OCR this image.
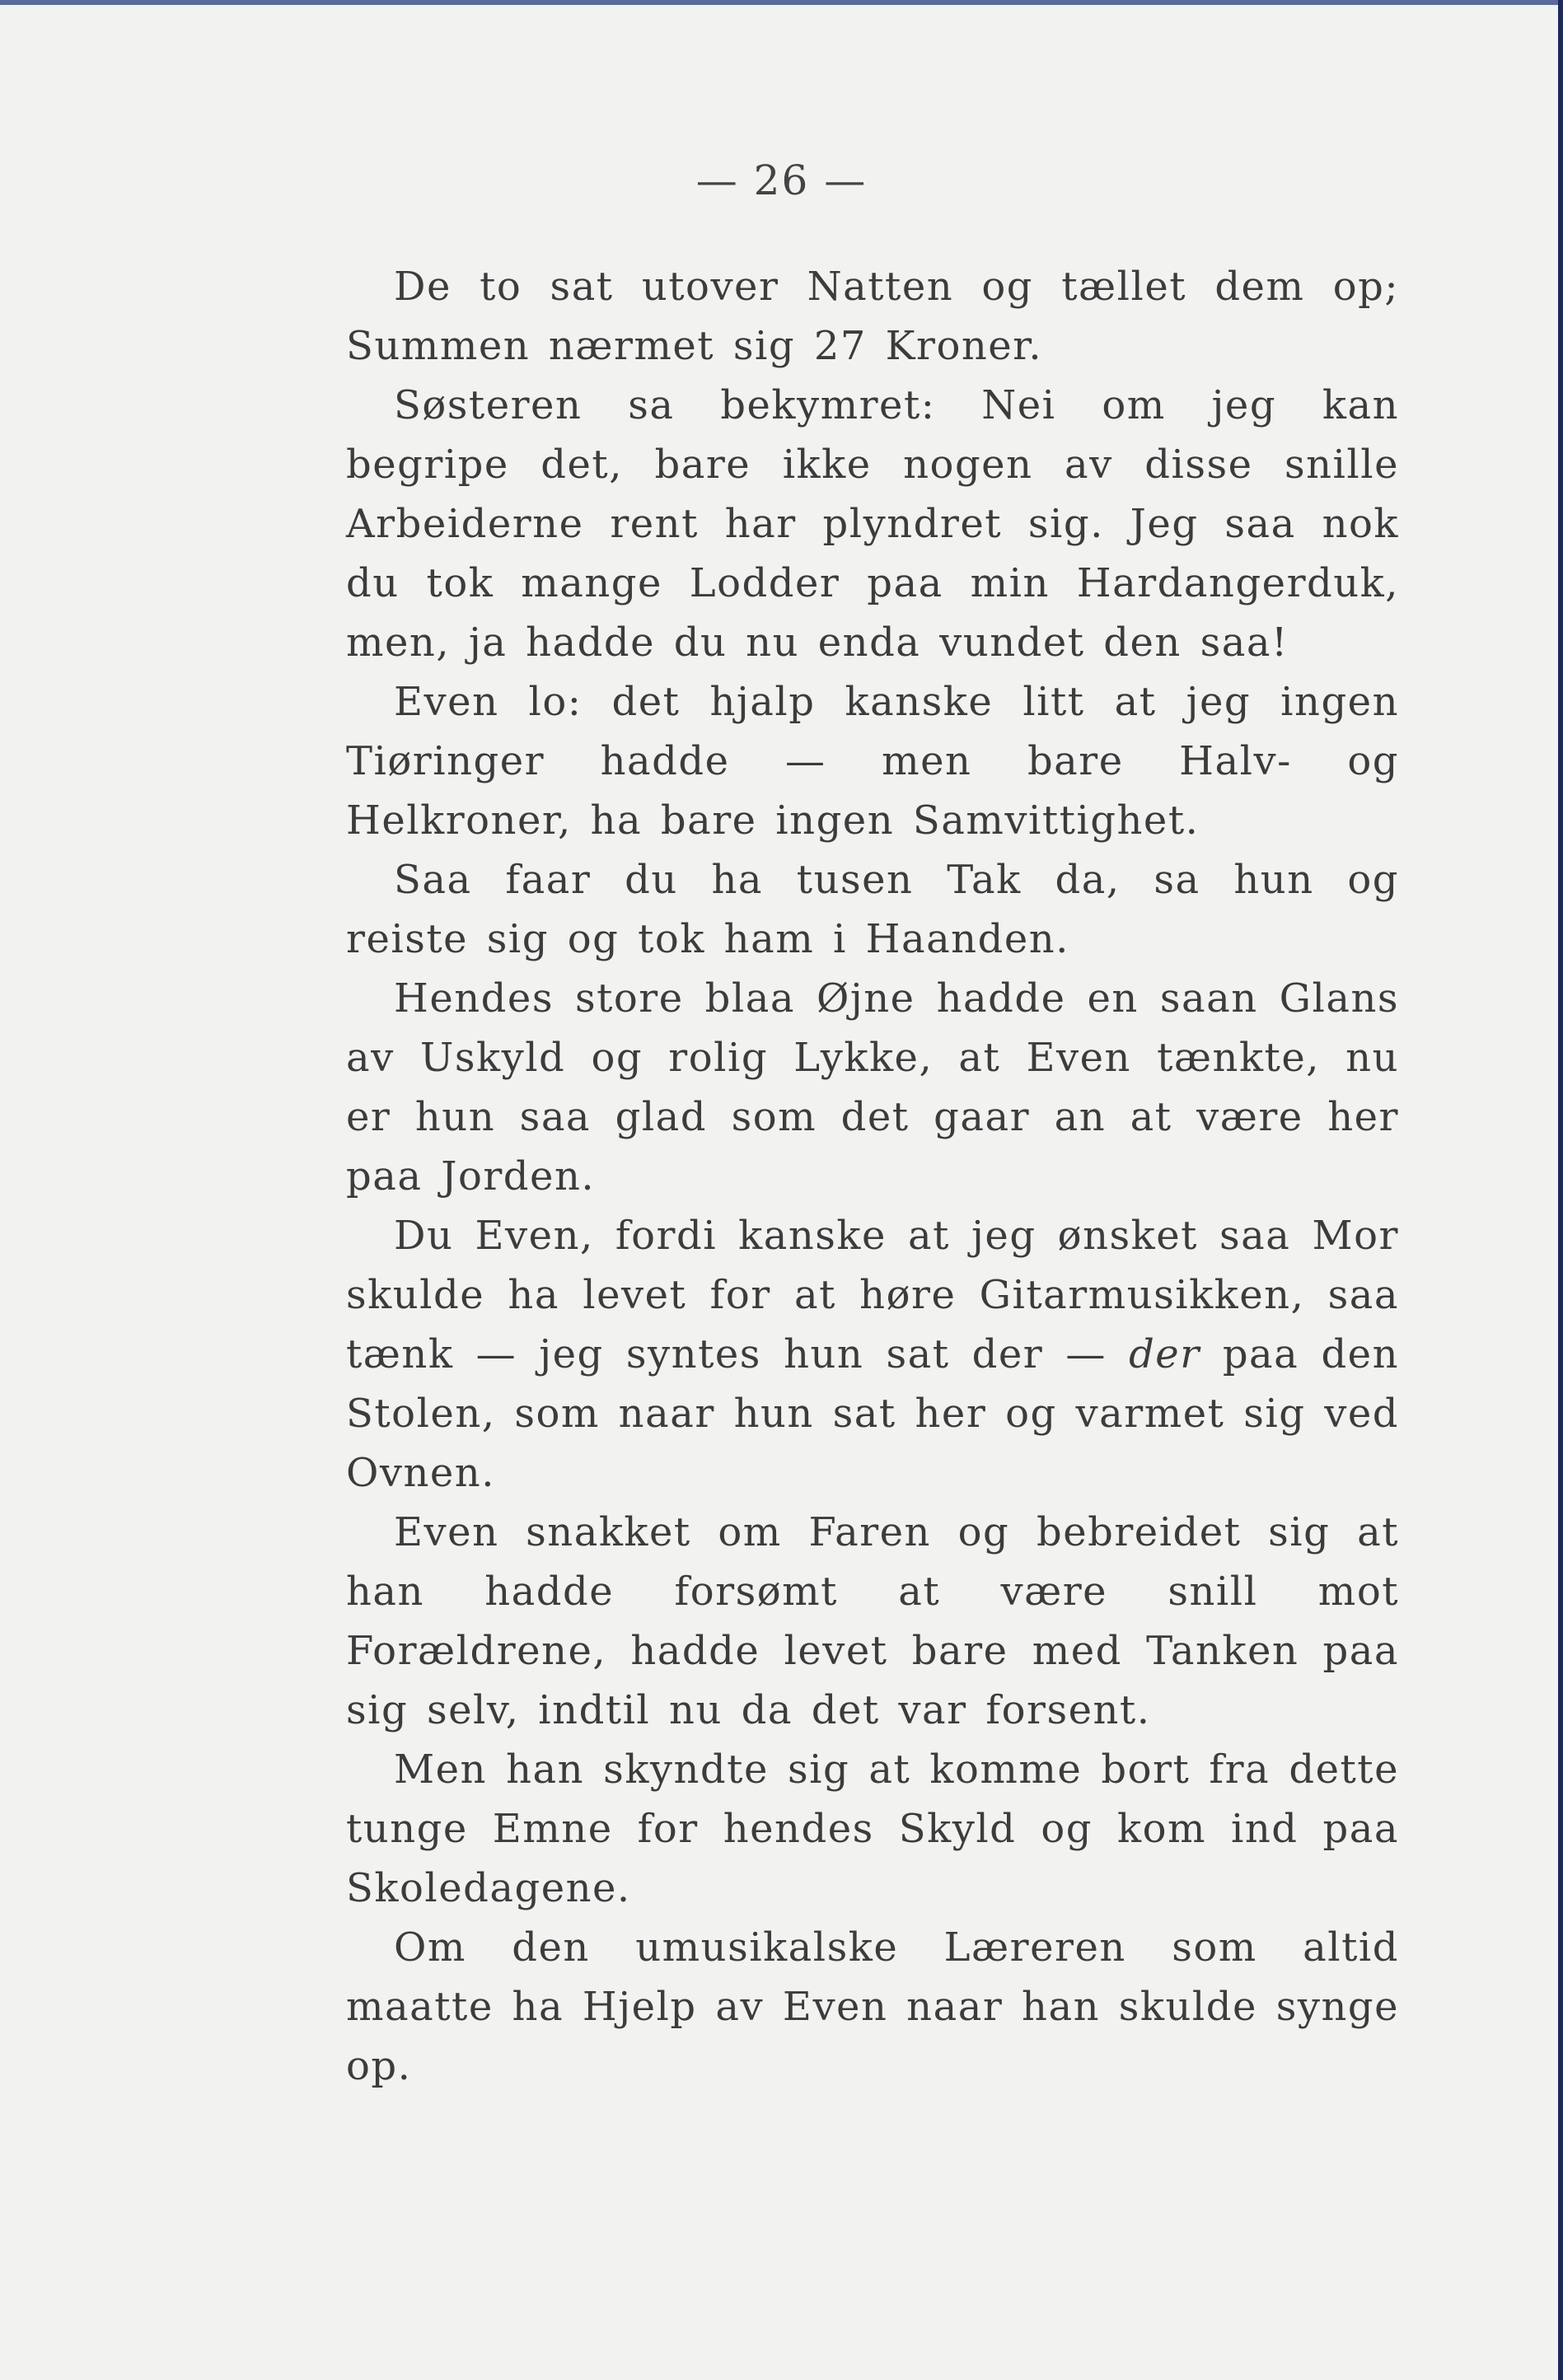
— 26 —

De to sat utover Natten og tællet dem op; Summen nærmet sig 27 Kroner.

Søsteren sa bekymret: Nei om jeg kan begripe det, bare ikke nogen av disse snille Arbeiderne rent har plyndret sig. Jeg saa nok du tok mange Lodder paa min Hardangerduk, men, ja hadde du nu enda vundet den saa!

Even lo: det hjalp kanske litt at jeg ingen Tiøringer hadde — men bare Halv- og Helkroner, ha bare ingen Samvittighet.

Saa faar du ha tusen Tak da, sa hun og reiste sig og tok ham i Haanden.

Hendes store blaa Øjne hadde en saan Glans av Uskyld og rolig Lykke, at Even tænkte, nu er hun saa glad som det gaar an at være her paa Jorden.

Du Even, fordi kanske at jeg ønsket saa Mor skulde ha levet for at høre Gitarmusikken, saa tænk — jeg syntes hun sat der — der paa den Stolen, som naar hun sat her og varmet sig ved Ovnen.

Even snakket om Faren og bebreidet sig at han hadde forsømt at være snill mot Forældrene, hadde levet bare med Tanken paa sig selv, indtil nu da det var forsent.

Men han skyndte sig at komme bort fra dette tunge Emne for hendes Skyld og kom ind paa Skoledagene.

Om den umusikalske Læreren som altid maatte ha Hjelp av Even naar han skulde synge op.
